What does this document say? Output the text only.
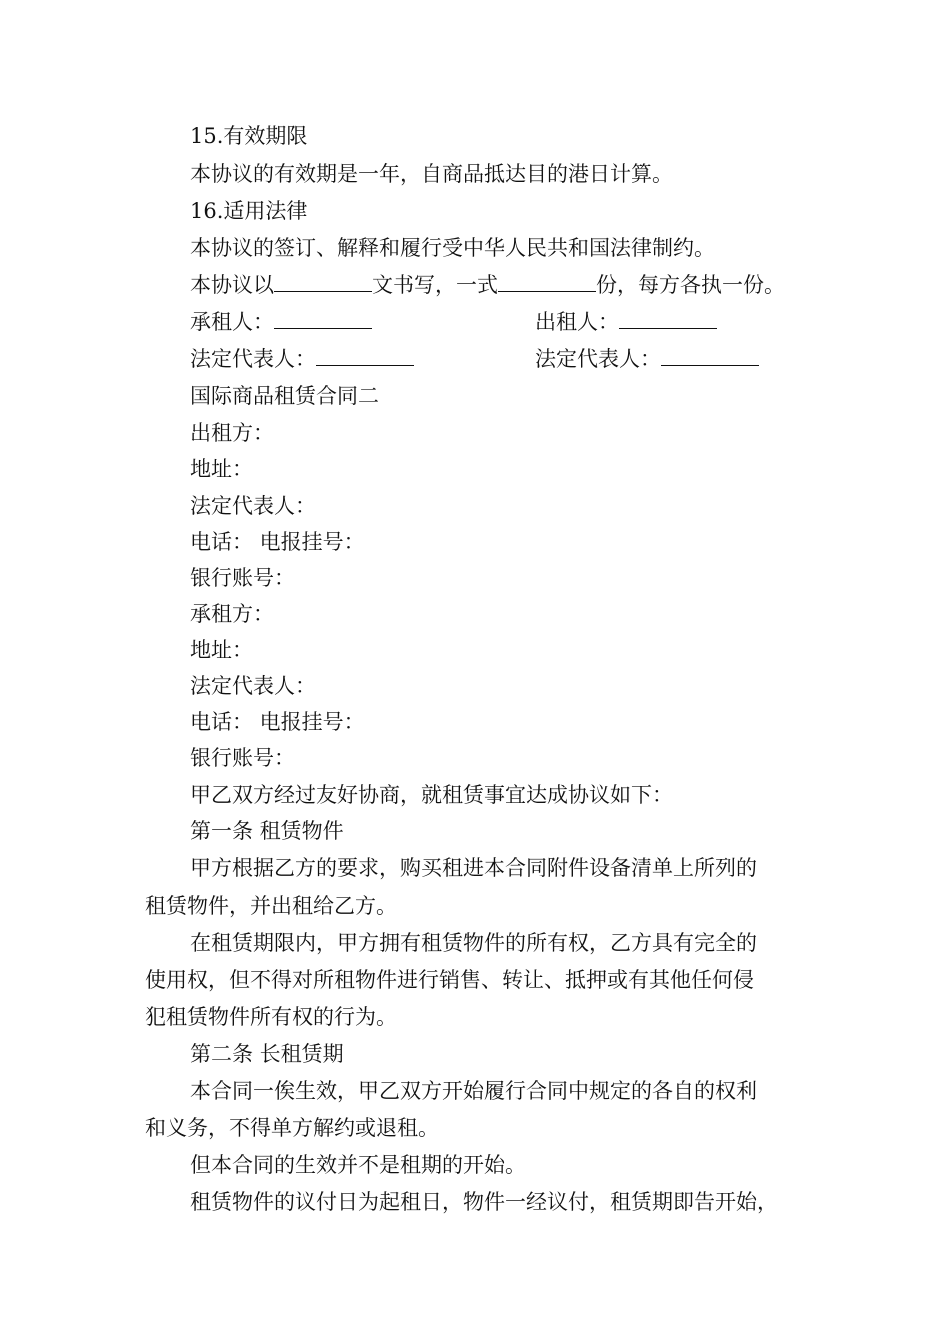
15.有效期限
本协议的有效期是一年，自商品抵达目的港日计算。
16.适用法律
本协议的签订、解释和履行受中华人民共和国法律制约。
本协议以	文书写，一式	份，每方各执一份。
承租人：	出租人：
法定代表人：	法定代表人：
国际商品租赁合同二
出租方：
地址：
法定代表人：
电话： 电报挂号：
银行账号：
承租方：
地址：
法定代表人：
电话： 电报挂号：
银行账号：
甲乙双方经过友好协商，就租赁事宜达成协议如下：
第一条 租赁物件
甲方根据乙方的要求，购买租进本合同附件设备清单上所列的
租赁物件，并出租给乙方。
在租赁期限内，甲方拥有租赁物件的所有权，乙方具有完全的
使用权，但不得对所租物件进行销售、转让、抵押或有其他任何侵
犯租赁物件所有权的行为。
第二条 长租赁期
本合同一俟生效，甲乙双方开始履行合同中规定的各自的权利
和义务，不得单方解约或退租。
但本合同的生效并不是租期的开始。
租赁物件的议付日为起租日，物件一经议付，租赁期即告开始，
